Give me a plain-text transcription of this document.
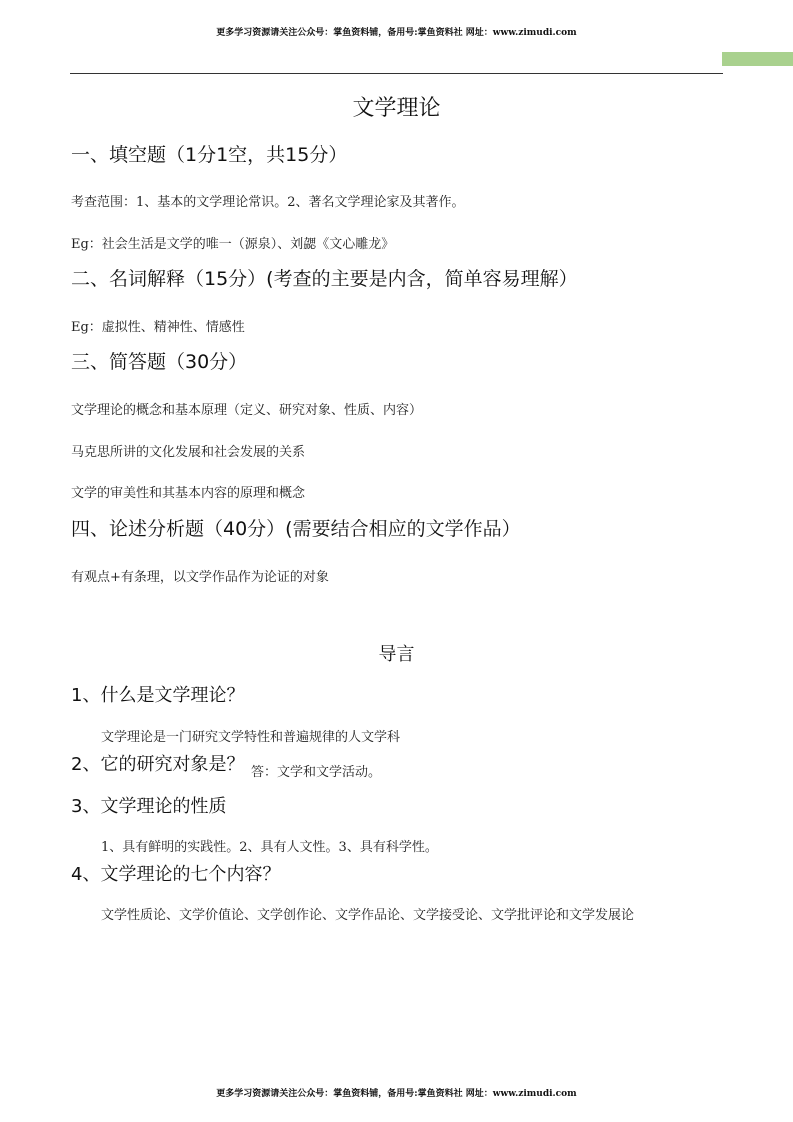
更多学习资源请关注公众号：掌鱼资料铺，备用号:掌鱼资料社 网址：www.zimudi.com
文学理论
一、填空题（1分1空，共15分）
考查范围：1、基本的文学理论常识。2、著名文学理论家及其著作。
Eg：社会生活是文学的唯一（源泉）、刘勰《文心雕龙》
二、名词解释（15分）(考查的主要是内含，简单容易理解）
Eg：虚拟性、精神性、情感性
三、简答题（30分）
文学理论的概念和基本原理（定义、研究对象、性质、内容）
马克思所讲的文化发展和社会发展的关系
文学的审美性和其基本内容的原理和概念
四、论述分析题（40分）(需要结合相应的文学作品）
有观点+有条理，以文学作品作为论证的对象
导言
1、什么是文学理论？
文学理论是一门研究文学特性和普遍规律的人文学科
2、它的研究对象是？ 答：文学和文学活动。
3、文学理论的性质
1、具有鲜明的实践性。2、具有人文性。3、具有科学性。
4、文学理论的七个内容？
文学性质论、文学价值论、文学创作论、文学作品论、文学接受论、文学批评论和文学发展论
更多学习资源请关注公众号：掌鱼资料铺，备用号:掌鱼资料社 网址：www.zimudi.com
